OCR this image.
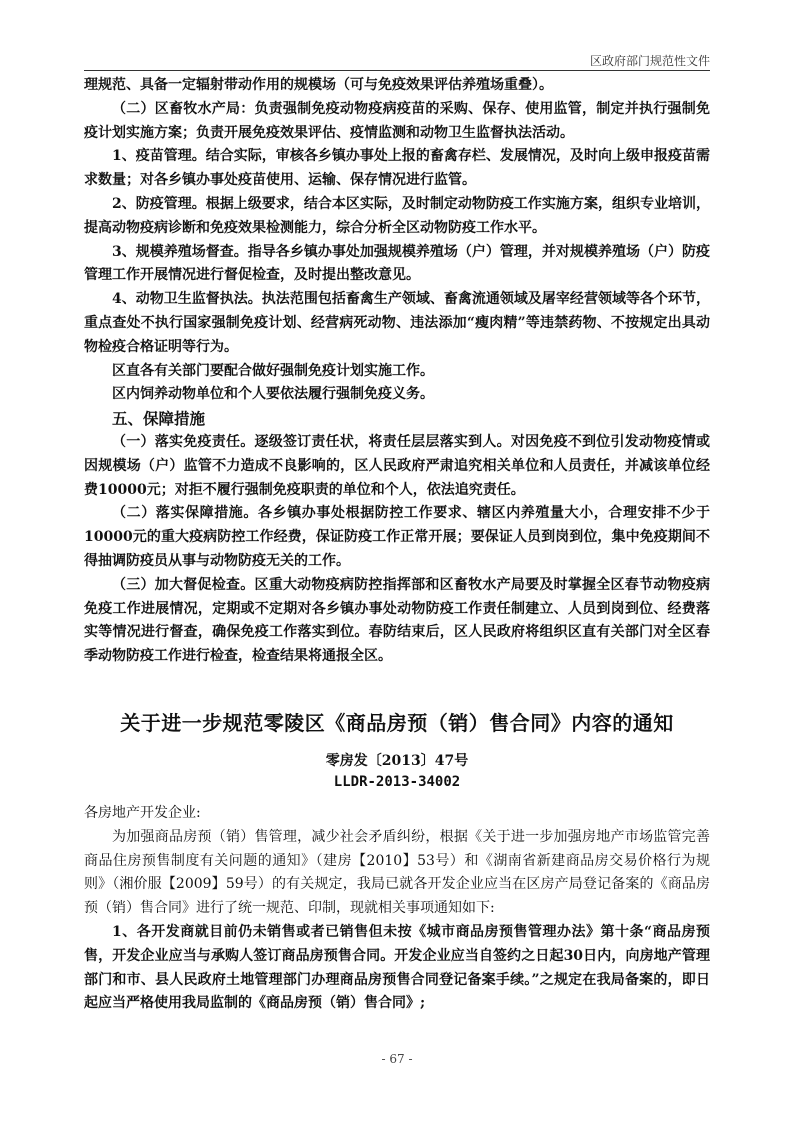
区政府部门规范性文件

理规范、具备一定辐射带动作用的规模场（可与免疫效果评估养殖场重叠）。

（二）区畜牧水产局：负责强制免疫动物疫病疫苗的采购、保存、使用监管，制定并执行强制免疫计划实施方案；负责开展免疫效果评估、疫情监测和动物卫生监督执法活动。

1、疫苗管理。结合实际，审核各乡镇办事处上报的畜禽存栏、发展情况，及时向上级申报疫苗需求数量；对各乡镇办事处疫苗使用、运输、保存情况进行监管。

2、防疫管理。根据上级要求，结合本区实际，及时制定动物防疫工作实施方案，组织专业培训，提高动物疫病诊断和免疫效果检测能力，综合分析全区动物防疫工作水平。

3、规模养殖场督查。指导各乡镇办事处加强规模养殖场（户）管理，并对规模养殖场（户）防疫管理工作开展情况进行督促检查，及时提出整改意见。

4、动物卫生监督执法。执法范围包括畜禽生产领域、畜禽流通领域及屠宰经营领域等各个环节，重点查处不执行国家强制免疫计划、经营病死动物、违法添加“瘦肉精”等违禁药物、不按规定出具动物检疫合格证明等行为。

区直各有关部门要配合做好强制免疫计划实施工作。

区内饲养动物单位和个人要依法履行强制免疫义务。

五、保障措施

（一）落实免疫责任。逐级签订责任状，将责任层层落实到人。对因免疫不到位引发动物疫情或因规模场（户）监管不力造成不良影响的，区人民政府严肃追究相关单位和人员责任，并减该单位经费10000元；对拒不履行强制免疫职责的单位和个人，依法追究责任。

（二）落实保障措施。各乡镇办事处根据防控工作要求、辖区内养殖量大小，合理安排不少于10000元的重大疫病防控工作经费，保证防疫工作正常开展；要保证人员到岗到位，集中免疫期间不得抽调防疫员从事与动物防疫无关的工作。

（三）加大督促检查。区重大动物疫病防控指挥部和区畜牧水产局要及时掌握全区春节动物疫病免疫工作进展情况，定期或不定期对各乡镇办事处动物防疫工作责任制建立、人员到岗到位、经费落实等情况进行督查，确保免疫工作落实到位。春防结束后，区人民政府将组织区直有关部门对全区春季动物防疫工作进行检查，检查结果将通报全区。

关于进一步规范零陵区《商品房预（销）售合同》内容的通知
零房发〔2013〕47号
LLDR-2013-34002

各房地产开发企业:

为加强商品房预（销）售管理，减少社会矛盾纠纷，根据《关于进一步加强房地产市场监管完善商品住房预售制度有关问题的通知》（建房【2010】53号）和《湖南省新建商品房交易价格行为规则》（湘价服【2009】59号）的有关规定，我局已就各开发企业应当在区房产局登记备案的《商品房预（销）售合同》进行了统一规范、印制，现就相关事项通知如下:

1、各开发商就目前仍未销售或者已销售但未按《城市商品房预售管理办法》第十条“商品房预售，开发企业应当与承购人签订商品房预售合同。开发企业应当自签约之日起30日内，向房地产管理部门和市、县人民政府土地管理部门办理商品房预售合同登记备案手续。”之规定在我局备案的，即日起应当严格使用我局监制的《商品房预（销）售合同》;

- 67 -
